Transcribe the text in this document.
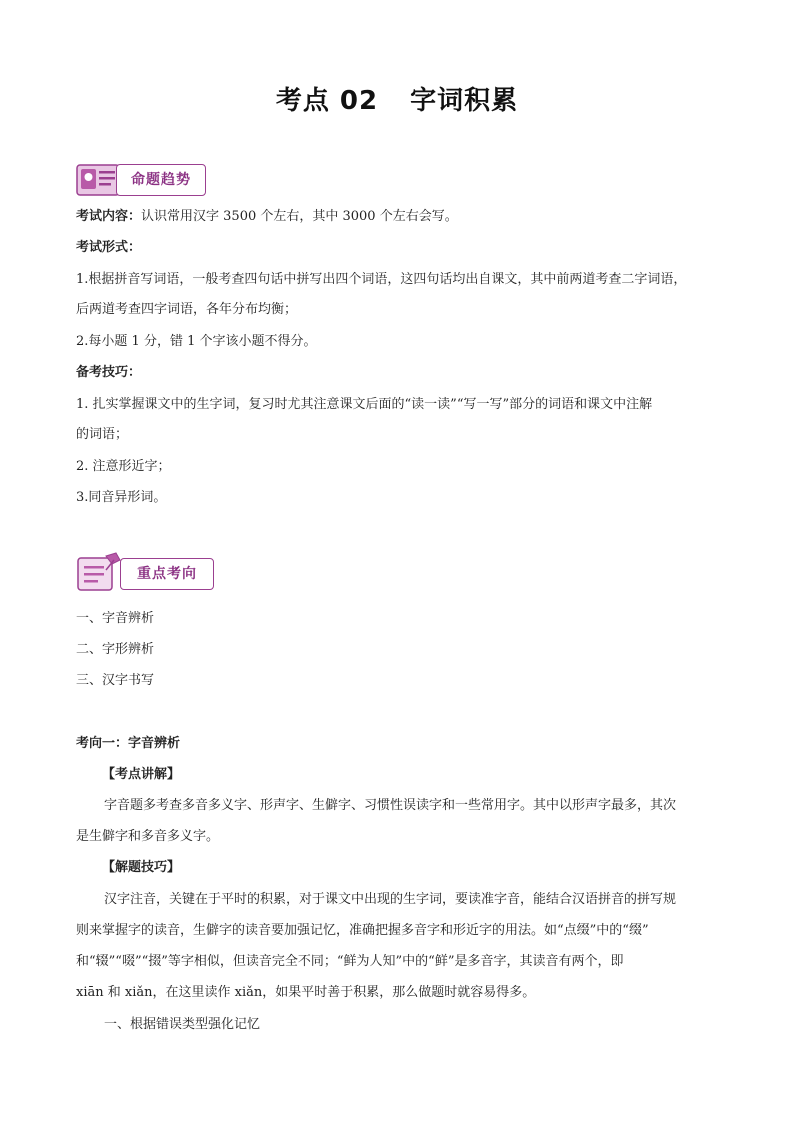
考点 02 字词积累
命题趋势
考试内容：认识常用汉字 3500 个左右，其中 3000 个左右会写。
考试形式：
1.根据拼音写词语，一般考查四句话中拼写出四个词语，这四句话均出自课文，其中前两道考查二字词语，
后两道考查四字词语，各年分布均衡；
2.每小题 1 分，错 1 个字该小题不得分。
备考技巧：
1. 扎实掌握课文中的生字词，复习时尤其注意课文后面的“读一读”“写一写”部分的词语和课文中注解
的词语；
2. 注意形近字；
3.同音异形词。
重点考向
一、字音辨析
二、字形辨析
三、汉字书写
考向一：字音辨析
【考点讲解】
字音题多考查多音多义字、形声字、生僻字、习惯性误读字和一些常用字。其中以形声字最多，其次
是生僻字和多音多义字。
【解题技巧】
汉字注音，关键在于平时的积累，对于课文中出现的生字词，要读准字音，能结合汉语拼音的拼写规
则来掌握字的读音，生僻字的读音要加强记忆，准确把握多音字和形近字的用法。如“点缀”中的“缀”
和“辍”“啜”“掇”等字相似，但读音完全不同；“鲜为人知”中的“鲜”是多音字，其读音有两个，即
xiān 和 xiǎn，在这里读作 xiǎn，如果平时善于积累，那么做题时就容易得多。
一、根据错误类型强化记忆
